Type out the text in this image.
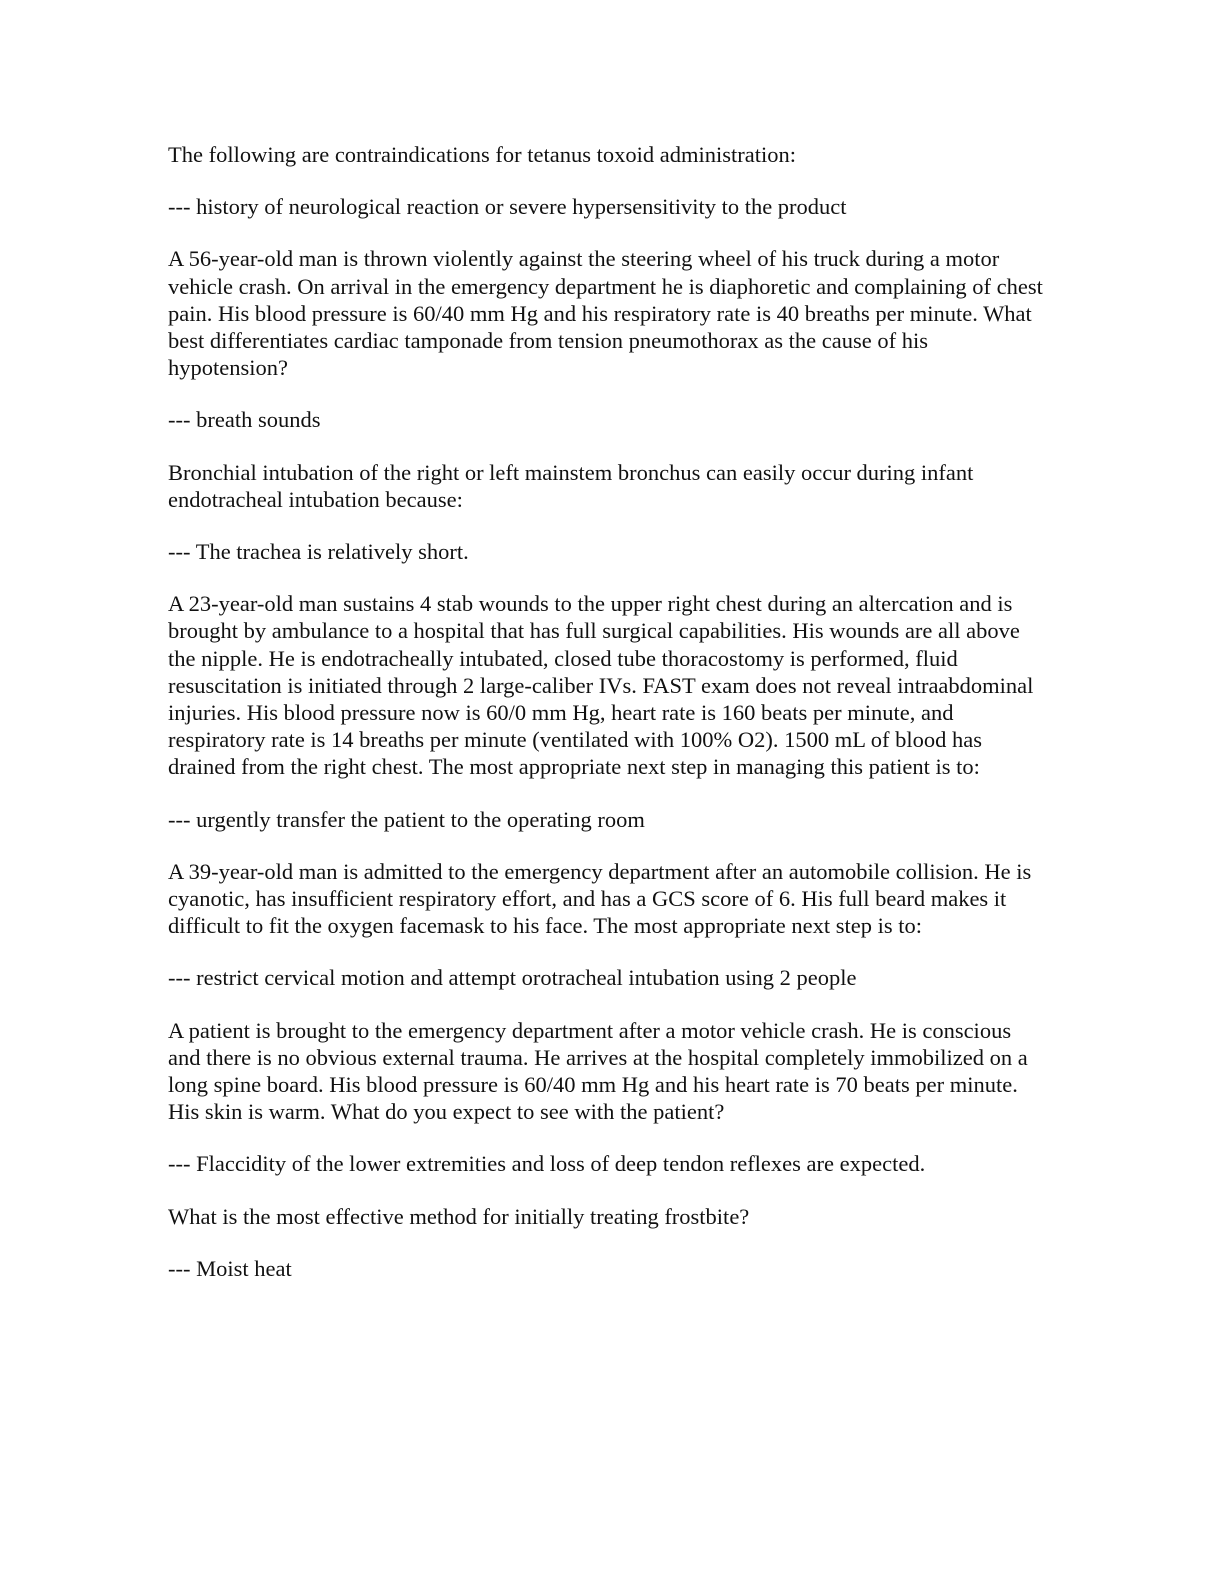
The following are contraindications for tetanus toxoid administration:

--- history of neurological reaction or severe hypersensitivity to the product

A 56-year-old man is thrown violently against the steering wheel of his truck during a motor vehicle crash. On arrival in the emergency department he is diaphoretic and complaining of chest pain. His blood pressure is 60/40 mm Hg and his respiratory rate is 40 breaths per minute. What best differentiates cardiac tamponade from tension pneumothorax as the cause of his hypotension?

--- breath sounds

Bronchial intubation of the right or left mainstem bronchus can easily occur during infant endotracheal intubation because:

--- The trachea is relatively short.

A 23-year-old man sustains 4 stab wounds to the upper right chest during an altercation and is brought by ambulance to a hospital that has full surgical capabilities. His wounds are all above the nipple. He is endotracheally intubated, closed tube thoracostomy is performed, fluid resuscitation is initiated through 2 large-caliber IVs. FAST exam does not reveal intraabdominal injuries. His blood pressure now is 60/0 mm Hg, heart rate is 160 beats per minute, and respiratory rate is 14 breaths per minute (ventilated with 100% O2). 1500 mL of blood has drained from the right chest. The most appropriate next step in managing this patient is to:

--- urgently transfer the patient to the operating room

A 39-year-old man is admitted to the emergency department after an automobile collision. He is cyanotic, has insufficient respiratory effort, and has a GCS score of 6. His full beard makes it difficult to fit the oxygen facemask to his face. The most appropriate next step is to:

--- restrict cervical motion and attempt orotracheal intubation using 2 people

A patient is brought to the emergency department after a motor vehicle crash. He is conscious and there is no obvious external trauma. He arrives at the hospital completely immobilized on a long spine board. His blood pressure is 60/40 mm Hg and his heart rate is 70 beats per minute. His skin is warm. What do you expect to see with the patient?

--- Flaccidity of the lower extremities and loss of deep tendon reflexes are expected.

What is the most effective method for initially treating frostbite?

--- Moist heat
